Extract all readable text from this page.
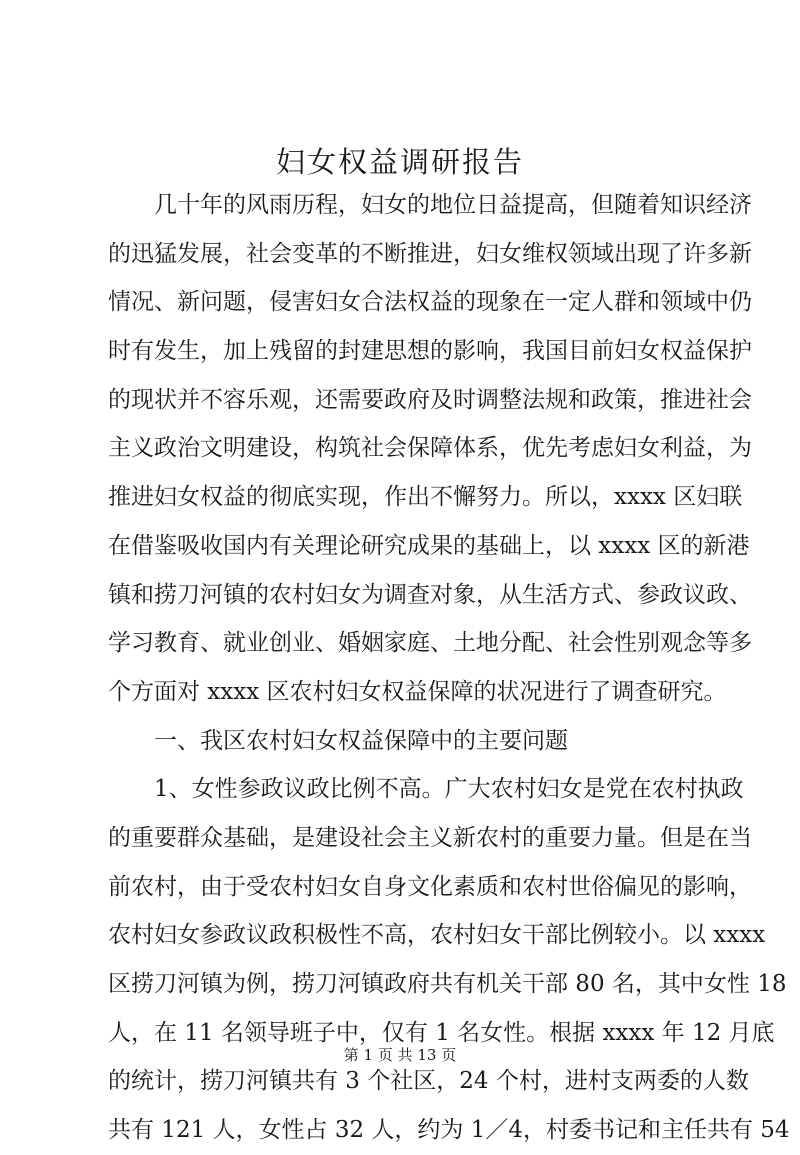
妇女权益调研报告
几十年的风雨历程，妇女的地位日益提高，但随着知识经济
的迅猛发展，社会变革的不断推进，妇女维权领域出现了许多新
情况、新问题，侵害妇女合法权益的现象在一定人群和领域中仍
时有发生，加上残留的封建思想的影响，我国目前妇女权益保护
的现状并不容乐观，还需要政府及时调整法规和政策，推进社会
主义政治文明建设，构筑社会保障体系，优先考虑妇女利益，为
推进妇女权益的彻底实现，作出不懈努力。所以，xxxx 区妇联
在借鉴吸收国内有关理论研究成果的基础上，以 xxxx 区的新港
镇和捞刀河镇的农村妇女为调查对象，从生活方式、参政议政、
学习教育、就业创业、婚姻家庭、土地分配、社会性别观念等多
个方面对 xxxx 区农村妇女权益保障的状况进行了调查研究。
一、我区农村妇女权益保障中的主要问题
1、女性参政议政比例不高。广大农村妇女是党在农村执政
的重要群众基础，是建设社会主义新农村的重要力量。但是在当
前农村，由于受农村妇女自身文化素质和农村世俗偏见的影响，
农村妇女参政议政积极性不高，农村妇女干部比例较小。以 xxxx
区捞刀河镇为例，捞刀河镇政府共有机关干部 80 名，其中女性 18
人，在 11 名领导班子中，仅有 1 名女性。根据 xxxx 年 12 月底
的统计，捞刀河镇共有 3 个社区，24 个村，进村支两委的人数
共有 121 人，女性占 32 人，约为 1／4，村委书记和主任共有 54
第 1 页 共 13 页
